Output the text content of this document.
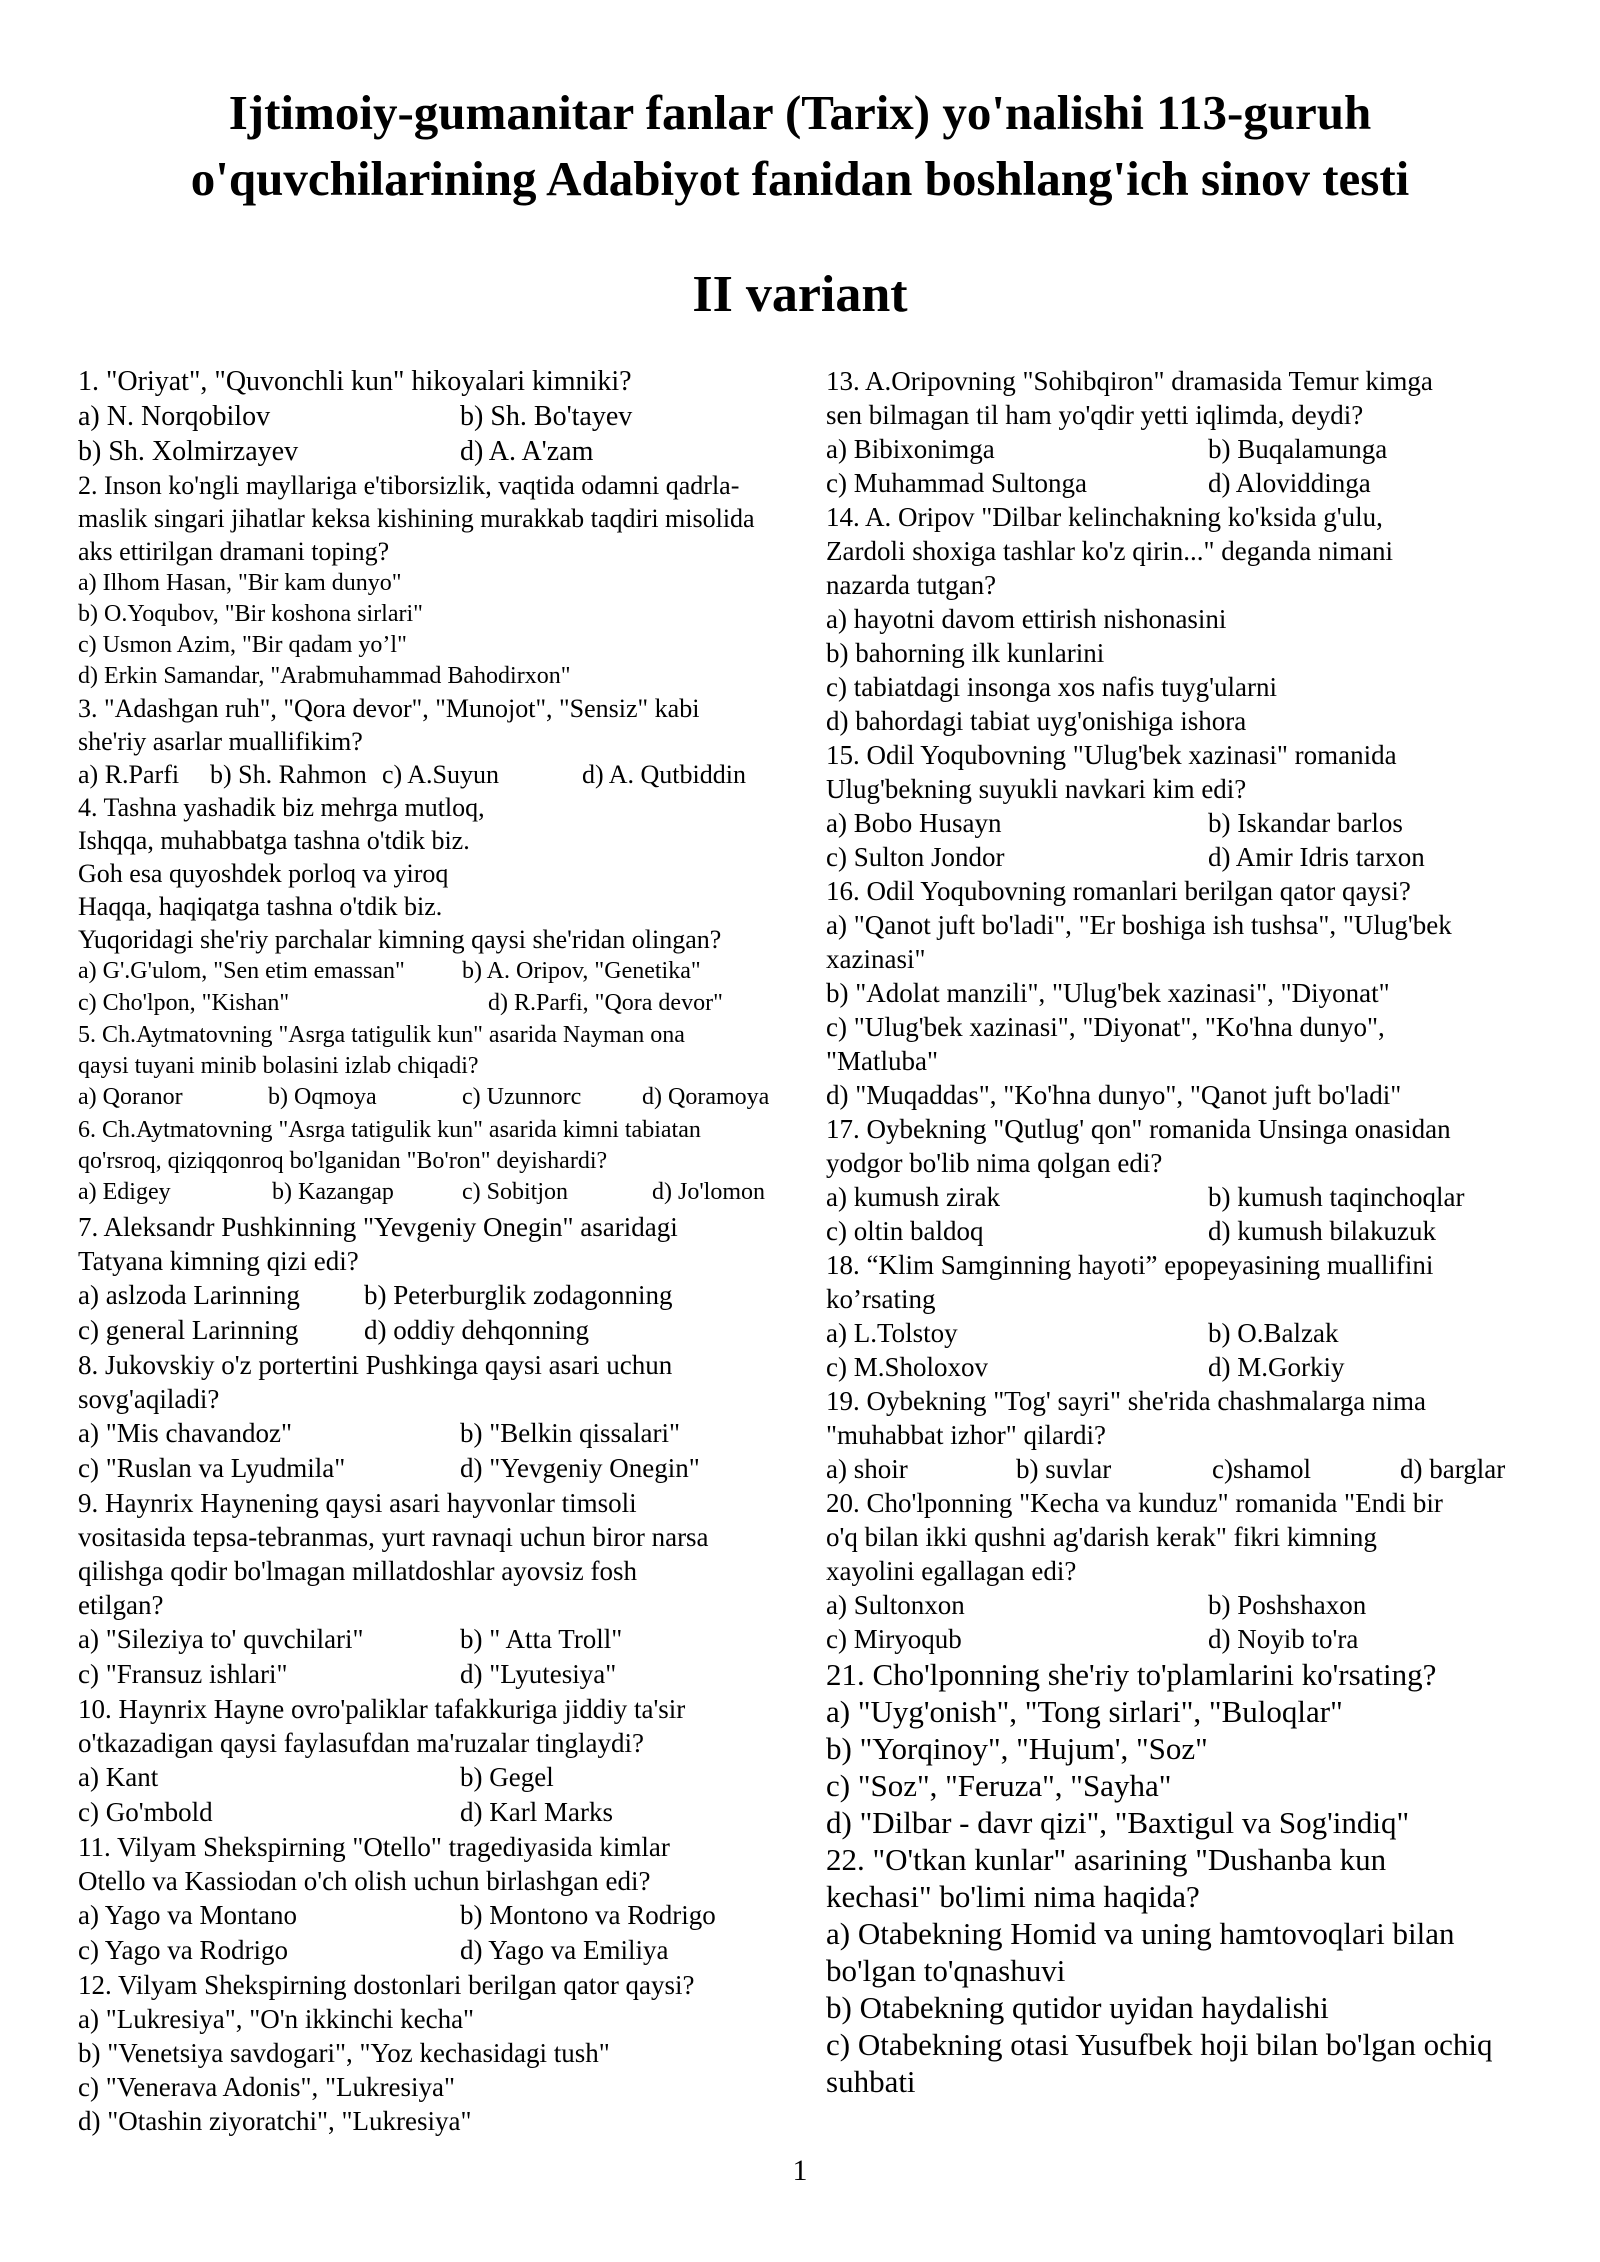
Ijtimoiy-gumanitar fanlar (Tarix) yo'nalishi 113-guruh
o'quvchilarining Adabiyot fanidan boshlang'ich sinov testi
II variant
1. "Oriyat", "Quvonchli kun" hikoyalari kimniki?
a) N. Norqobilov	b) Sh. Bo'tayev
b) Sh. Xolmirzayev	d) A. A'zam
2. Inson ko'ngli mayllariga e'tiborsizlik, vaqtida odamni qadrla-
maslik singari jihatlar keksa kishining murakkab taqdiri misolida
aks ettirilgan dramani toping?
a) Ilhom Hasan, "Bir kam dunyo"
b) O.Yoqubov, "Bir koshona sirlari"
c) Usmon Azim, "Bir qadam yo’l"
d) Erkin Samandar, "Arabmuhammad Bahodirxon"
3. "Adashgan ruh", "Qora devor", "Munojot", "Sensiz" kabi
she'riy asarlar muallifikim?
a) R.Parfi b) Sh. Rahmon c) A.Suyun	d) A. Qutbiddin
4. Tashna yashadik biz mehrga mutloq,
Ishqqa, muhabbatga tashna o'tdik biz.
Goh esa quyoshdek porloq va yiroq
Haqqa, haqiqatga tashna o'tdik biz.
Yuqoridagi she'riy parchalar kimning qaysi she'ridan olingan?
a) G'.G'ulom, "Sen etim emassan" b) A. Oripov, "Genetika"
c) Cho'lpon, "Kishan"	d) R.Parfi, "Qora devor"
5. Ch.Aytmatovning "Asrga tatigulik kun" asarida Nayman ona
qaysi tuyani minib bolasini izlab chiqadi?
a) Qoranor	b) Oqmoya	c) Uzunnorc	d) Qoramoya
6. Ch.Aytmatovning "Asrga tatigulik kun" asarida kimni tabiatan
qo'rsroq, qiziqqonroq bo'lganidan "Bo'ron" deyishardi?
a) Edigey	b) Kazangap	c) Sobitjon	d) Jo'lomon
7. Aleksandr Pushkinning "Yevgeniy Onegin" asaridagi
Tatyana kimning qizi edi?
a) aslzoda Larinning b) Peterburglik zodagonning
c) general Larinning d) oddiy dehqonning
8. Jukovskiy o'z portertini Pushkinga qaysi asari uchun
sovg'aqiladi?
a) "Mis chavandoz"	b) "Belkin qissalari"
c) "Ruslan va Lyudmila"	d) "Yevgeniy Onegin"
9. Haynrix Haynening qaysi asari hayvonlar timsoli
vositasida tepsa-tebranmas, yurt ravnaqi uchun biror narsa
qilishga qodir bo'lmagan millatdoshlar ayovsiz fosh
etilgan?
a) "Sileziya to' quvchilari"	b) " Atta Troll"
c) "Fransuz ishlari"	d) "Lyutesiya"
10. Haynrix Hayne ovro'paliklar tafakkuriga jiddiy ta'sir
o'tkazadigan qaysi faylasufdan ma'ruzalar tinglaydi?
a) Kant	b) Gegel
c) Go'mbold	d) Karl Marks
11. Vilyam Shekspirning "Otello" tragediyasida kimlar
Otello va Kassiodan o'ch olish uchun birlashgan edi?
a) Yago va Montano	b) Montono va Rodrigo
c) Yago va Rodrigo	d) Yago va Emiliya
12. Vilyam Shekspirning dostonlari berilgan qator qaysi?
a) "Lukresiya", "O'n ikkinchi kecha"
b) "Venetsiya savdogari", "Yoz kechasidagi tush"
c) "Venerava Adonis", "Lukresiya"
d) "Otashin ziyoratchi", "Lukresiya"
13. A.Oripovning "Sohibqiron" dramasida Temur kimga
sen bilmagan til ham yo'qdir yetti iqlimda, deydi?
a) Bibixonimga	b) Buqalamunga
c) Muhammad Sultonga	d) Aloviddinga
14. A. Oripov "Dilbar kelinchakning ko'ksida g'ulu,
Zardoli shoxiga tashlar ko'z qirin..." deganda nimani
nazarda tutgan?
a) hayotni davom ettirish nishonasini
b) bahorning ilk kunlarini
c) tabiatdagi insonga xos nafis tuyg'ularni
d) bahordagi tabiat uyg'onishiga ishora
15. Odil Yoqubovning "Ulug'bek xazinasi" romanida
Ulug'bekning suyukli navkari kim edi?
a) Bobo Husayn	b) Iskandar barlos
c) Sulton Jondor	d) Amir Idris tarxon
16. Odil Yoqubovning romanlari berilgan qator qaysi?
a) "Qanot juft bo'ladi", "Er boshiga ish tushsa", "Ulug'bek
xazinasi"
b) "Adolat manzili", "Ulug'bek xazinasi", "Diyonat"
c) "Ulug'bek xazinasi", "Diyonat", "Ko'hna dunyo",
"Matluba"
d) "Muqaddas", "Ko'hna dunyo", "Qanot juft bo'ladi"
17. Oybekning "Qutlug' qon" romanida Unsinga onasidan
yodgor bo'lib nima qolgan edi?
a) kumush zirak	b) kumush taqinchoqlar
c) oltin baldoq	d) kumush bilakuzuk
18. “Klim Samginning hayoti” epopeyasining muallifini
ko’rsating
a) L.Tolstoy	b) O.Balzak
c) M.Sholoxov	d) M.Gorkiy
19. Oybekning "Tog' sayri" she'rida chashmalarga nima
"muhabbat izhor" qilardi?
a) shoir	b) suvlar	c)shamol	d) barglar
20. Cho'lponning "Kecha va kunduz" romanida "Endi bir
o'q bilan ikki qushni ag'darish kerak" fikri kimning
xayolini egallagan edi?
a) Sultonxon	b) Poshshaxon
c) Miryoqub	d) Noyib to'ra
21. Cho'lponning she'riy to'plamlarini ko'rsating?
a) "Uyg'onish", "Tong sirlari", "Buloqlar"
b) "Yorqinoy", "Hujum', "Soz"
c) "Soz", "Feruza", "Sayha"
d) "Dilbar - davr qizi", "Baxtigul va Sog'indiq"
22. "O'tkan kunlar" asarining "Dushanba kun
kechasi" bo'limi nima haqida?
a) Otabekning Homid va uning hamtovoqlari bilan
bo'lgan to'qnashuvi
b) Otabekning qutidor uyidan haydalishi
c) Otabekning otasi Yusufbek hoji bilan bo'lgan ochiq
suhbati
1
